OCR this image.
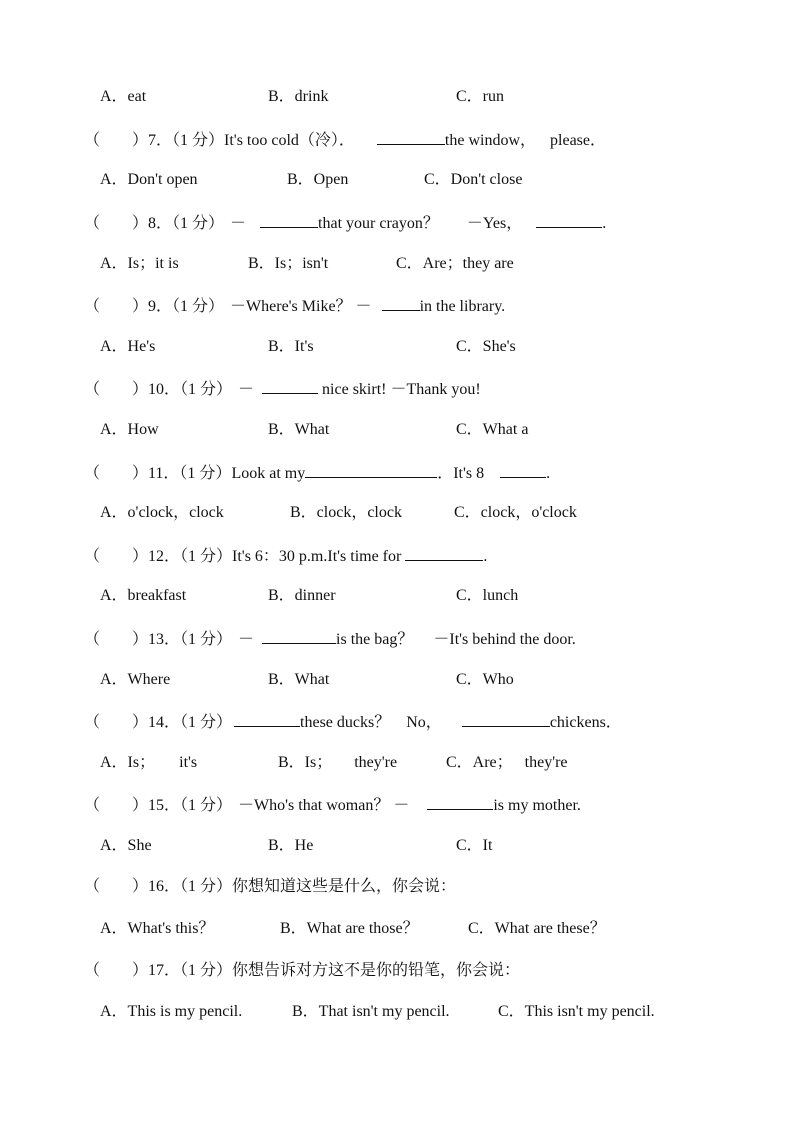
A．eat	B．drink	C．run
（　　）7．（1 分）It's too cold（冷）．	the window， please．
A．Don't open	B．Open	C．Don't close
（　　）8．（1 分） －	that your crayon？ －Yes，	.
A．Is；it is	B．Is；isn't	C．Are；they are
（　　）9．（1 分） －Where's Mike？ －	in the library.
A．He's	B．It's	C．She's
（　　）10．（1 分） －	nice skirt! －Thank you!
A．How	B．What	C．What a
（　　）11．（1 分）Look at my	．It's 8	.
A．o'clock，clock	B．clock，clock	C．clock，o'clock
（　　）12．（1 分）It's 6：30 p.m.It's time for	.
A．breakfast	B．dinner	C．lunch
（　　）13．（1 分） －	is the bag？ －It's behind the door.
A．Where	B．What	C．Who
（　　）14．（1 分）	these ducks？ No，	chickens．
A．Is； it's	B．Is； they're	C．Are； they're
（　　）15．（1 分） －Who's that woman？ －	is my mother.
A．She	B．He	C．It
（　　）16．（1 分）你想知道这些是什么，你会说：
A．What's this？	B．What are those？	C．What are these？
（　　）17．（1 分）你想告诉对方这不是你的铅笔，你会说：
A．This is my pencil.	B．That isn't my pencil.	C．This isn't my pencil.
